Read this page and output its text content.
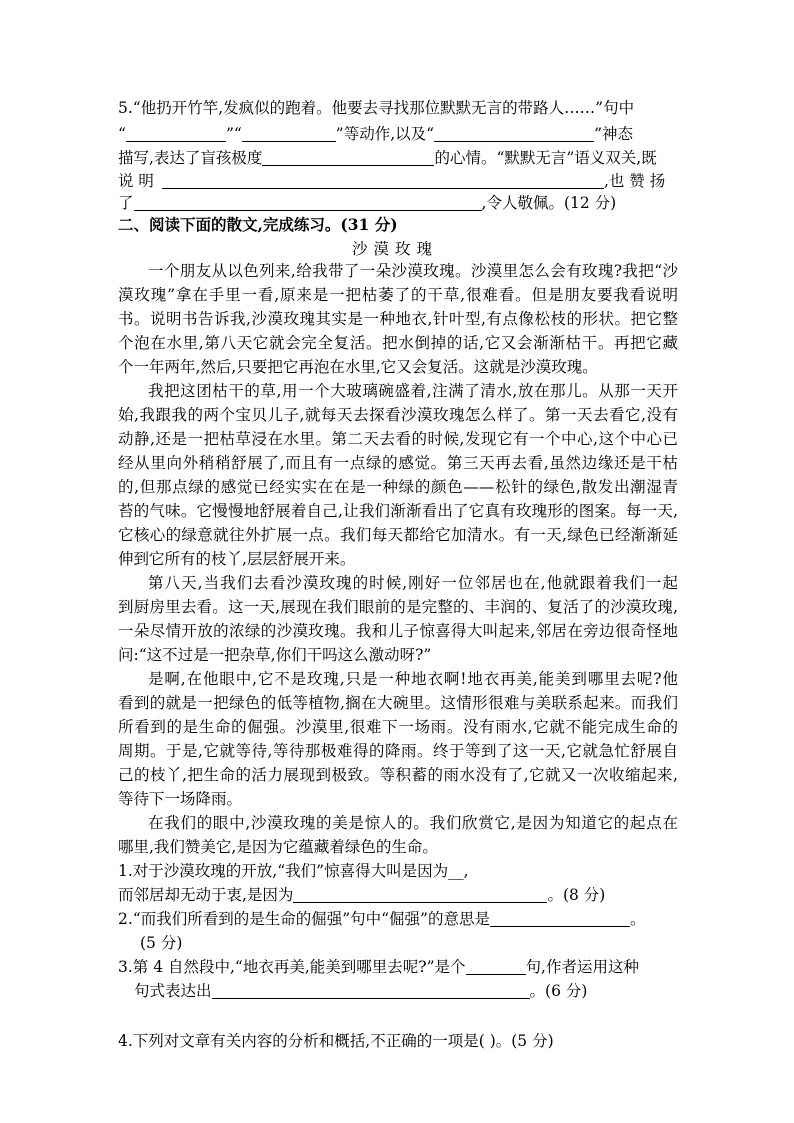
5.“他扔开竹竿,发疯似的跑着。他要去寻找那位默默无言的带路人……”句中
“	”“	”等动作,以及“	”神态
描写,表达了盲孩极度	的心情。“默默无言”语义双关,既
说 明	,也 赞 扬
了	,令人敬佩。(12 分)
二、阅读下面的散文,完成练习。(31 分)
沙漠玫瑰
一个朋友从以色列来,给我带了一朵沙漠玫瑰。沙漠里怎么会有玫瑰?我把“沙
漠玫瑰”拿在手里一看,原来是一把枯萎了的干草,很难看。但是朋友要我看说明
书。说明书告诉我,沙漠玫瑰其实是一种地衣,针叶型,有点像松枝的形状。把它整
个泡在水里,第八天它就会完全复活。把水倒掉的话,它又会渐渐枯干。再把它藏
个一年两年,然后,只要把它再泡在水里,它又会复活。这就是沙漠玫瑰。
我把这团枯干的草,用一个大玻璃碗盛着,注满了清水,放在那儿。从那一天开
始,我跟我的两个宝贝儿子,就每天去探看沙漠玫瑰怎么样了。第一天去看它,没有
动静,还是一把枯草浸在水里。第二天去看的时候,发现它有一个中心,这个中心已
经从里向外稍稍舒展了,而且有一点绿的感觉。第三天再去看,虽然边缘还是干枯
的,但那点绿的感觉已经实实在在是一种绿的颜色——松针的绿色,散发出潮湿青
苔的气味。它慢慢地舒展着自己,让我们渐渐看出了它真有玫瑰形的图案。每一天,
它核心的绿意就往外扩展一点。我们每天都给它加清水。有一天,绿色已经渐渐延
伸到它所有的枝丫,层层舒展开来。
第八天,当我们去看沙漠玫瑰的时候,刚好一位邻居也在,他就跟着我们一起
到厨房里去看。这一天,展现在我们眼前的是完整的、丰润的、复活了的沙漠玫瑰,
一朵尽情开放的浓绿的沙漠玫瑰。我和儿子惊喜得大叫起来,邻居在旁边很奇怪地
问:“这不过是一把杂草,你们干吗这么激动呀?”
是啊,在他眼中,它不是玫瑰,只是一种地衣啊!地衣再美,能美到哪里去呢?他
看到的就是一把绿色的低等植物,搁在大碗里。这情形很难与美联系起来。而我们
所看到的是生命的倔强。沙漠里,很难下一场雨。没有雨水,它就不能完成生命的
周期。于是,它就等待,等待那极难得的降雨。终于等到了这一天,它就急忙舒展自
己的枝丫,把生命的活力展现到极致。等积蓄的雨水没有了,它就又一次收缩起来,
等待下一场降雨。
在我们的眼中,沙漠玫瑰的美是惊人的。我们欣赏它,是因为知道它的起点在
哪里,我们赞美它,是因为它蕴藏着绿色的生命。
1.对于沙漠玫瑰的开放,“我们”惊喜得大叫是因为__,
而邻居却无动于衷,是因为	。(8 分)
2.“而我们所看到的是生命的倔强”句中“倔强”的意思是	。
(5 分)
3.第 4 自然段中,“地衣再美,能美到哪里去呢?”是个	句,作者运用这种
句式表达出	。(6 分)
4.下列对文章有关内容的分析和概括,不正确的一项是( )。(5 分)
